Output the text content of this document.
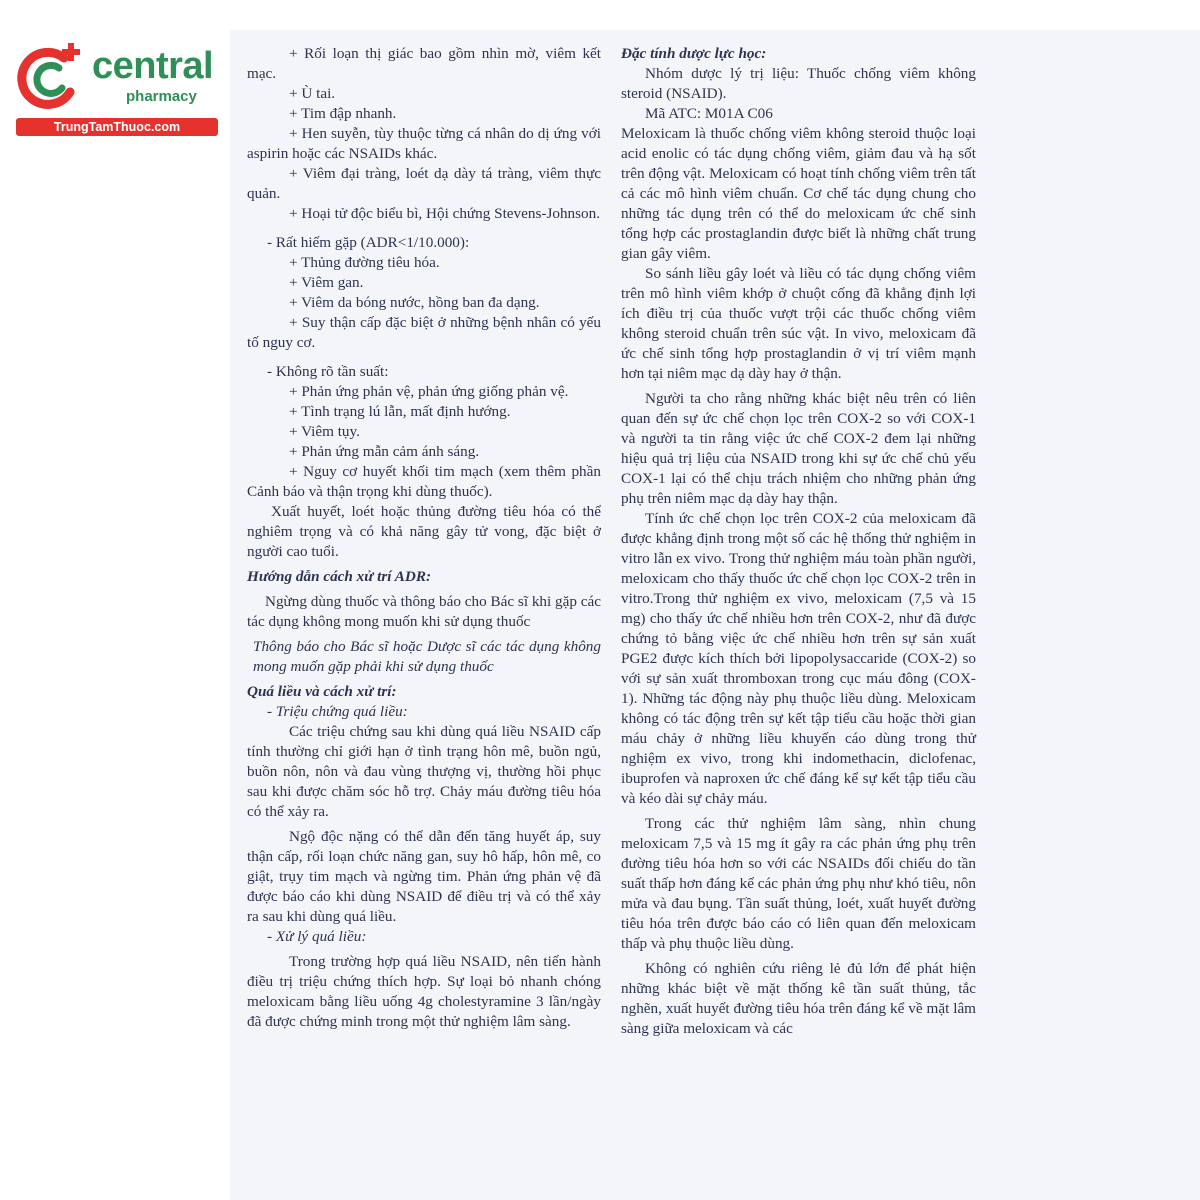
central
pharmacy
TrungTamThuoc.com

+ Rối loạn thị giác bao gồm nhìn mờ, viêm kết mạc.

+ Ù tai.

+ Tim đập nhanh.

+ Hen suyễn, tùy thuộc từng cá nhân do dị ứng với aspirin hoặc các NSAIDs khác.

+ Viêm đại tràng, loét dạ dày tá tràng, viêm thực quản.

+ Hoại tử độc biểu bì, Hội chứng Stevens-Johnson.

- Rất hiếm gặp (ADR<1/10.000):

+ Thủng đường tiêu hóa.

+ Viêm gan.

+ Viêm da bóng nước, hồng ban đa dạng.

+ Suy thận cấp đặc biệt ở những bệnh nhân có yếu tố nguy cơ.

- Không rõ tần suất:

+ Phản ứng phản vệ, phản ứng giống phản vệ.

+ Tình trạng lú lẫn, mất định hướng.

+ Viêm tụy.

+ Phản ứng mẫn cảm ánh sáng.

+ Nguy cơ huyết khối tim mạch (xem thêm phần Cảnh báo và thận trọng khi dùng thuốc).

Xuất huyết, loét hoặc thủng đường tiêu hóa có thể nghiêm trọng và có khả năng gây tử vong, đặc biệt ở người cao tuổi.

Hướng dẫn cách xử trí ADR:

Ngừng dùng thuốc và thông báo cho Bác sĩ khi gặp các tác dụng không mong muốn khi sử dụng thuốc

Thông báo cho Bác sĩ hoặc Dược sĩ các tác dụng không mong muốn gặp phải khi sử dụng thuốc

Quá liều và cách xử trí:

- Triệu chứng quá liều:

Các triệu chứng sau khi dùng quá liều NSAID cấp tính thường chỉ giới hạn ở tình trạng hôn mê, buồn ngủ, buồn nôn, nôn và đau vùng thượng vị, thường hồi phục sau khi được chăm sóc hỗ trợ. Chảy máu đường tiêu hóa có thể xảy ra.

Ngộ độc nặng có thể dẫn đến tăng huyết áp, suy thận cấp, rối loạn chức năng gan, suy hô hấp, hôn mê, co giật, trụy tim mạch và ngừng tim. Phản ứng phản vệ đã được báo cáo khi dùng NSAID để điều trị và có thể xảy ra sau khi dùng quá liều.

- Xử lý quá liều:

Trong trường hợp quá liều NSAID, nên tiến hành điều trị triệu chứng thích hợp. Sự loại bỏ nhanh chóng meloxicam bằng liều uống 4g cholestyramine 3 lần/ngày đã được chứng minh trong một thử nghiệm lâm sàng.

Đặc tính dược lực học:

Nhóm dược lý trị liệu: Thuốc chống viêm không steroid (NSAID).

Mã ATC: M01A C06

Meloxicam là thuốc chống viêm không steroid thuộc loại acid enolic có tác dụng chống viêm, giảm đau và hạ sốt trên động vật. Meloxicam có hoạt tính chống viêm trên tất cả các mô hình viêm chuẩn. Cơ chế tác dụng chung cho những tác dụng trên có thể do meloxicam ức chế sinh tổng hợp các prostaglandin được biết là những chất trung gian gây viêm.

So sánh liều gây loét và liều có tác dụng chống viêm trên mô hình viêm khớp ở chuột cống đã khẳng định lợi ích điều trị của thuốc vượt trội các thuốc chống viêm không steroid chuẩn trên súc vật. In vivo, meloxicam đã ức chế sinh tổng hợp prostaglandin ở vị trí viêm mạnh hơn tại niêm mạc dạ dày hay ở thận.

Người ta cho rằng những khác biệt nêu trên có liên quan đến sự ức chế chọn lọc trên COX-2 so với COX-1 và người ta tin rằng việc ức chế COX-2 đem lại những hiệu quả trị liệu của NSAID trong khi sự ức chế chủ yếu COX-1 lại có thể chịu trách nhiệm cho những phản ứng phụ trên niêm mạc dạ dày hay thận.

Tính ức chế chọn lọc trên COX-2 của meloxicam đã được khẳng định trong một số các hệ thống thử nghiệm in vitro lẫn ex vivo. Trong thử nghiệm máu toàn phần người, meloxicam cho thấy thuốc ức chế chọn lọc COX-2 trên in vitro.Trong thử nghiệm ex vivo, meloxicam (7,5 và 15 mg) cho thấy ức chế nhiều hơn trên COX-2, như đã được chứng tỏ bằng việc ức chế nhiều hơn trên sự sản xuất PGE2 được kích thích bởi lipopolysaccaride (COX-2) so với sự sản xuất thromboxan trong cục máu đông (COX-1). Những tác động này phụ thuộc liều dùng. Meloxicam không có tác động trên sự kết tập tiểu cầu hoặc thời gian máu chảy ở những liều khuyến cáo dùng trong thử nghiệm ex vivo, trong khi indomethacin, diclofenac, ibuprofen và naproxen ức chế đáng kể sự kết tập tiểu cầu và kéo dài sự chảy máu.

Trong các thử nghiệm lâm sàng, nhìn chung meloxicam 7,5 và 15 mg ít gây ra các phản ứng phụ trên đường tiêu hóa hơn so với các NSAIDs đối chiếu do tần suất thấp hơn đáng kể các phản ứng phụ như khó tiêu, nôn mửa và đau bụng. Tần suất thủng, loét, xuất huyết đường tiêu hóa trên được báo cáo có liên quan đến meloxicam thấp và phụ thuộc liều dùng.

Không có nghiên cứu riêng lẻ đủ lớn để phát hiện những khác biệt về mặt thống kê tần suất thủng, tắc nghẽn, xuất huyết đường tiêu hóa trên đáng kể về mặt lâm sàng giữa meloxicam và các
